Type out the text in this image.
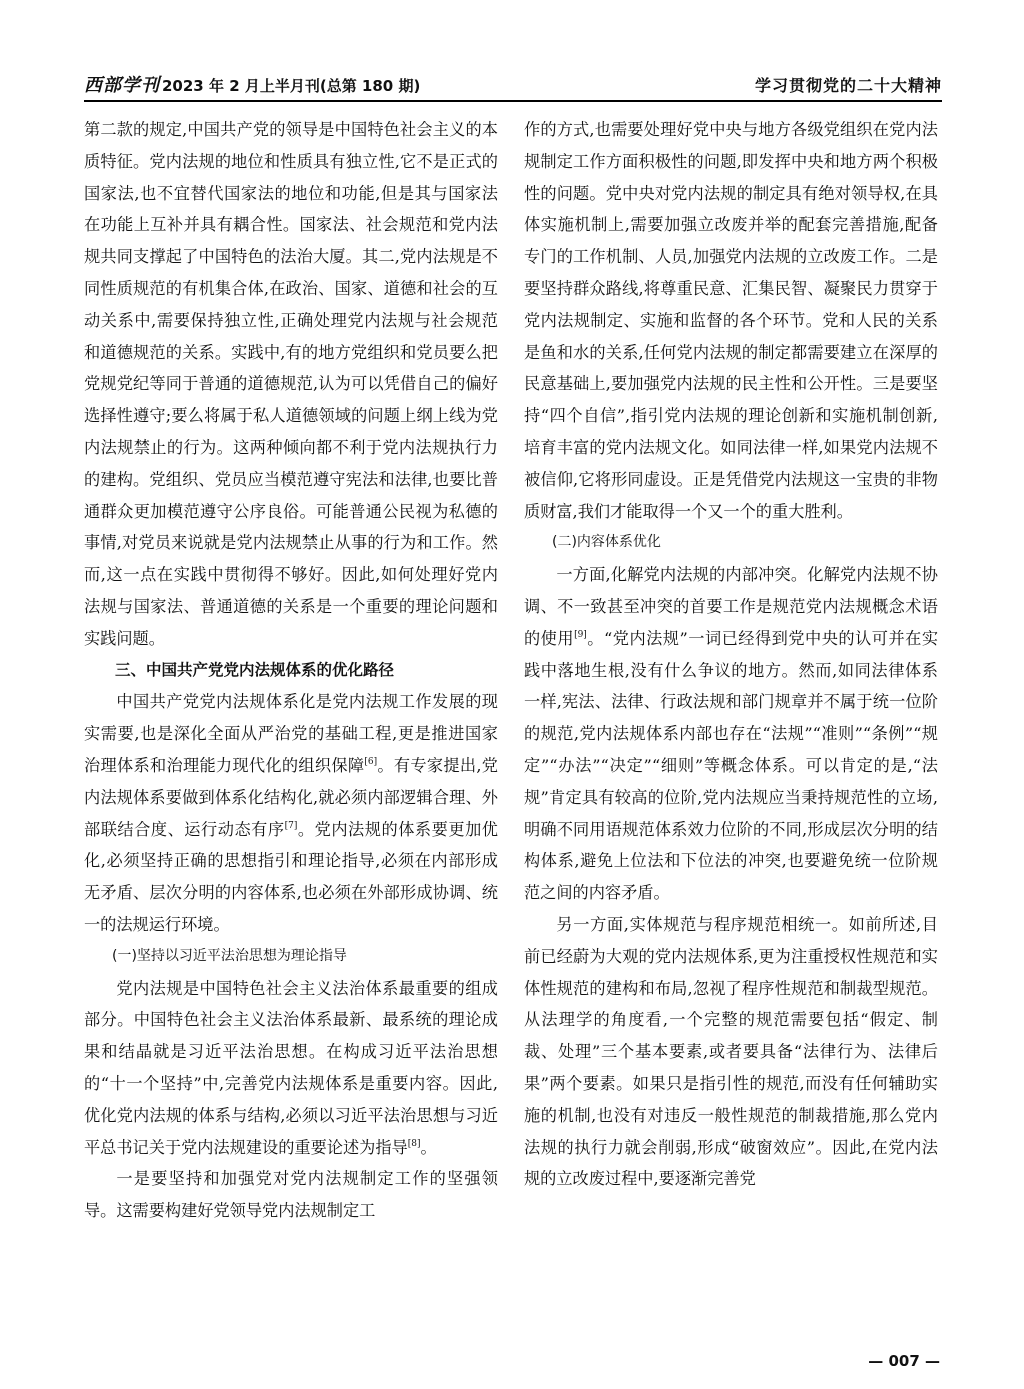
西部学刊 2023 年 2 月上半月刊(总第 180 期)	学习贯彻党的二十大精神

第二款的规定,中国共产党的领导是中国特色社会主义的本质特征。党内法规的地位和性质具有独立性,它不是正式的国家法,也不宜替代国家法的地位和功能,但是其与国家法在功能上互补并具有耦合性。国家法、社会规范和党内法规共同支撑起了中国特色的法治大厦。其二,党内法规是不同性质规范的有机集合体,在政治、国家、道德和社会的互动关系中,需要保持独立性,正确处理党内法规与社会规范和道德规范的关系。实践中,有的地方党组织和党员要么把党规党纪等同于普通的道德规范,认为可以凭借自己的偏好选择性遵守;要么将属于私人道德领域的问题上纲上线为党内法规禁止的行为。这两种倾向都不利于党内法规执行力的建构。党组织、党员应当模范遵守宪法和法律,也要比普通群众更加模范遵守公序良俗。可能普通公民视为私德的事情,对党员来说就是党内法规禁止从事的行为和工作。然而,这一点在实践中贯彻得不够好。因此,如何处理好党内法规与国家法、普通道德的关系是一个重要的理论问题和实践问题。

三、中国共产党党内法规体系的优化路径

中国共产党党内法规体系化是党内法规工作发展的现实需要,也是深化全面从严治党的基础工程,更是推进国家治理体系和治理能力现代化的组织保障[6]。有专家提出,党内法规体系要做到体系化结构化,就必须内部逻辑合理、外部联结合度、运行动态有序[7]。党内法规的体系要更加优化,必须坚持正确的思想指引和理论指导,必须在内部形成无矛盾、层次分明的内容体系,也必须在外部形成协调、统一的法规运行环境。

(一)坚持以习近平法治思想为理论指导

党内法规是中国特色社会主义法治体系最重要的组成部分。中国特色社会主义法治体系最新、最系统的理论成果和结晶就是习近平法治思想。在构成习近平法治思想的“十一个坚持”中,完善党内法规体系是重要内容。因此,优化党内法规的体系与结构,必须以习近平法治思想与习近平总书记关于党内法规建设的重要论述为指导[8]。

一是要坚持和加强党对党内法规制定工作的坚强领导。这需要构建好党领导党内法规制定工

作的方式,也需要处理好党中央与地方各级党组织在党内法规制定工作方面积极性的问题,即发挥中央和地方两个积极性的问题。党中央对党内法规的制定具有绝对领导权,在具体实施机制上,需要加强立改废并举的配套完善措施,配备专门的工作机制、人员,加强党内法规的立改废工作。二是要坚持群众路线,将尊重民意、汇集民智、凝聚民力贯穿于党内法规制定、实施和监督的各个环节。党和人民的关系是鱼和水的关系,任何党内法规的制定都需要建立在深厚的民意基础上,要加强党内法规的民主性和公开性。三是要坚持“四个自信”,指引党内法规的理论创新和实施机制创新,培育丰富的党内法规文化。如同法律一样,如果党内法规不被信仰,它将形同虚设。正是凭借党内法规这一宝贵的非物质财富,我们才能取得一个又一个的重大胜利。

(二)内容体系优化

一方面,化解党内法规的内部冲突。化解党内法规不协调、不一致甚至冲突的首要工作是规范党内法规概念术语的使用[9]。“党内法规”一词已经得到党中央的认可并在实践中落地生根,没有什么争议的地方。然而,如同法律体系一样,宪法、法律、行政法规和部门规章并不属于统一位阶的规范,党内法规体系内部也存在“法规”“准则”“条例”“规定”“办法”“决定”“细则”等概念体系。可以肯定的是,“法规”肯定具有较高的位阶,党内法规应当秉持规范性的立场,明确不同用语规范体系效力位阶的不同,形成层次分明的结构体系,避免上位法和下位法的冲突,也要避免统一位阶规范之间的内容矛盾。

另一方面,实体规范与程序规范相统一。如前所述,目前已经蔚为大观的党内法规体系,更为注重授权性规范和实体性规范的建构和布局,忽视了程序性规范和制裁型规范。从法理学的角度看,一个完整的规范需要包括“假定、制裁、处理”三个基本要素,或者要具备“法律行为、法律后果”两个要素。如果只是指引性的规范,而没有任何辅助实施的机制,也没有对违反一般性规范的制裁措施,那么党内法规的执行力就会削弱,形成“破窗效应”。因此,在党内法规的立改废过程中,要逐渐完善党

— 007 —
